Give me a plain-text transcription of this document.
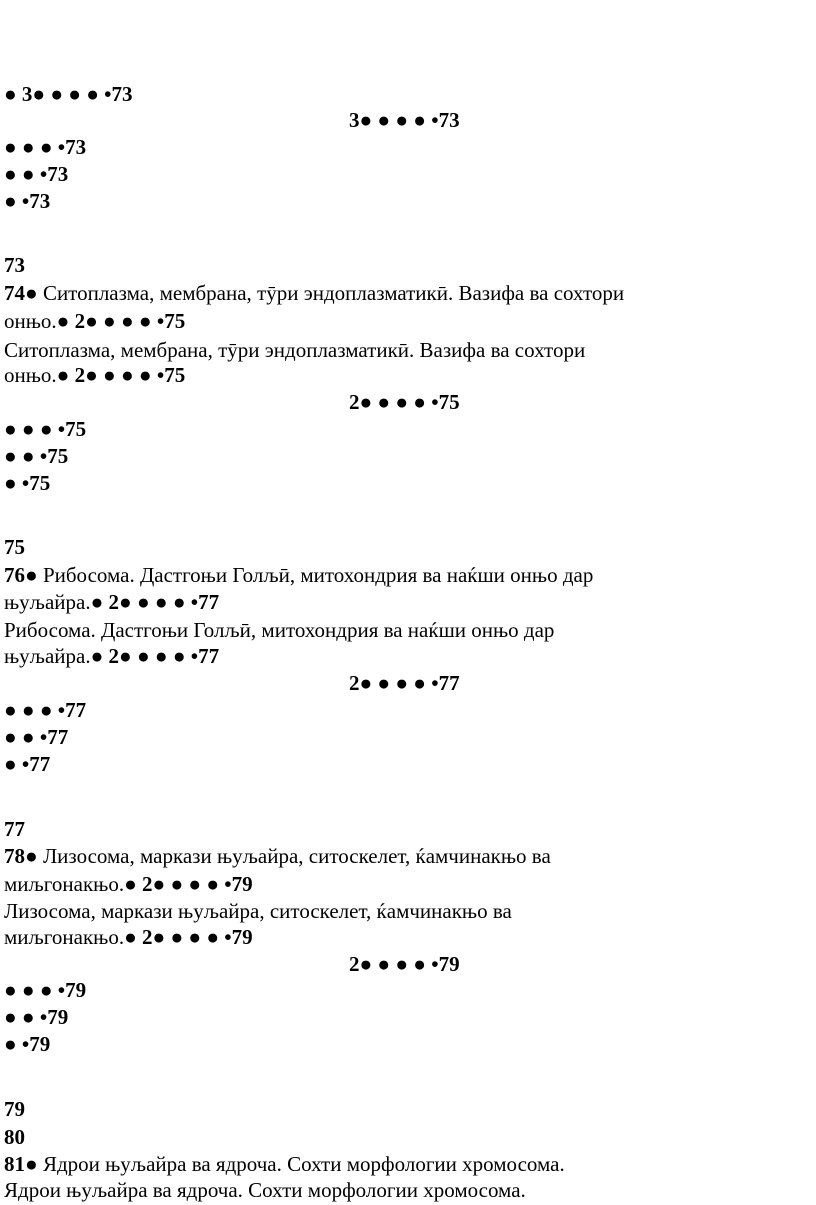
● 3● ● ● ● •73
3● ● ● ● •73
● ● ● •73
● ● •73
● •73
73
74● Ситоплазма, мембрана, тӯри эндоплазматикӣ. Вазифа ва сохтори
онњо.● 2● ● ● ● •75
Ситоплазма, мембрана, тӯри эндоплазматикӣ. Вазифа ва сохтори
онњо.● 2● ● ● ● •75
2● ● ● ● •75
● ● ● •75
● ● •75
● •75
75
76● Рибосома. Дастгоњи Голљӣ, митохондрия ва наќши онњо дар
њуљайра.● 2● ● ● ● •77
Рибосома. Дастгоњи Голљӣ, митохондрия ва наќши онњо дар
њуљайра.● 2● ● ● ● •77
2● ● ● ● •77
● ● ● •77
● ● •77
● •77
77
78● Лизосома, маркази њуљайра, ситоскелет, ќамчинакњо ва
миљгонакњо.● 2● ● ● ● •79
Лизосома, маркази њуљайра, ситоскелет, ќамчинакњо ва
миљгонакњо.● 2● ● ● ● •79
2● ● ● ● •79
● ● ● •79
● ● •79
● •79
79
80
81● Ядрои њуљайра ва ядроча. Сохти морфологии хромосома.
Ядрои њуљайра ва ядроча. Сохти морфологии хромосома.
